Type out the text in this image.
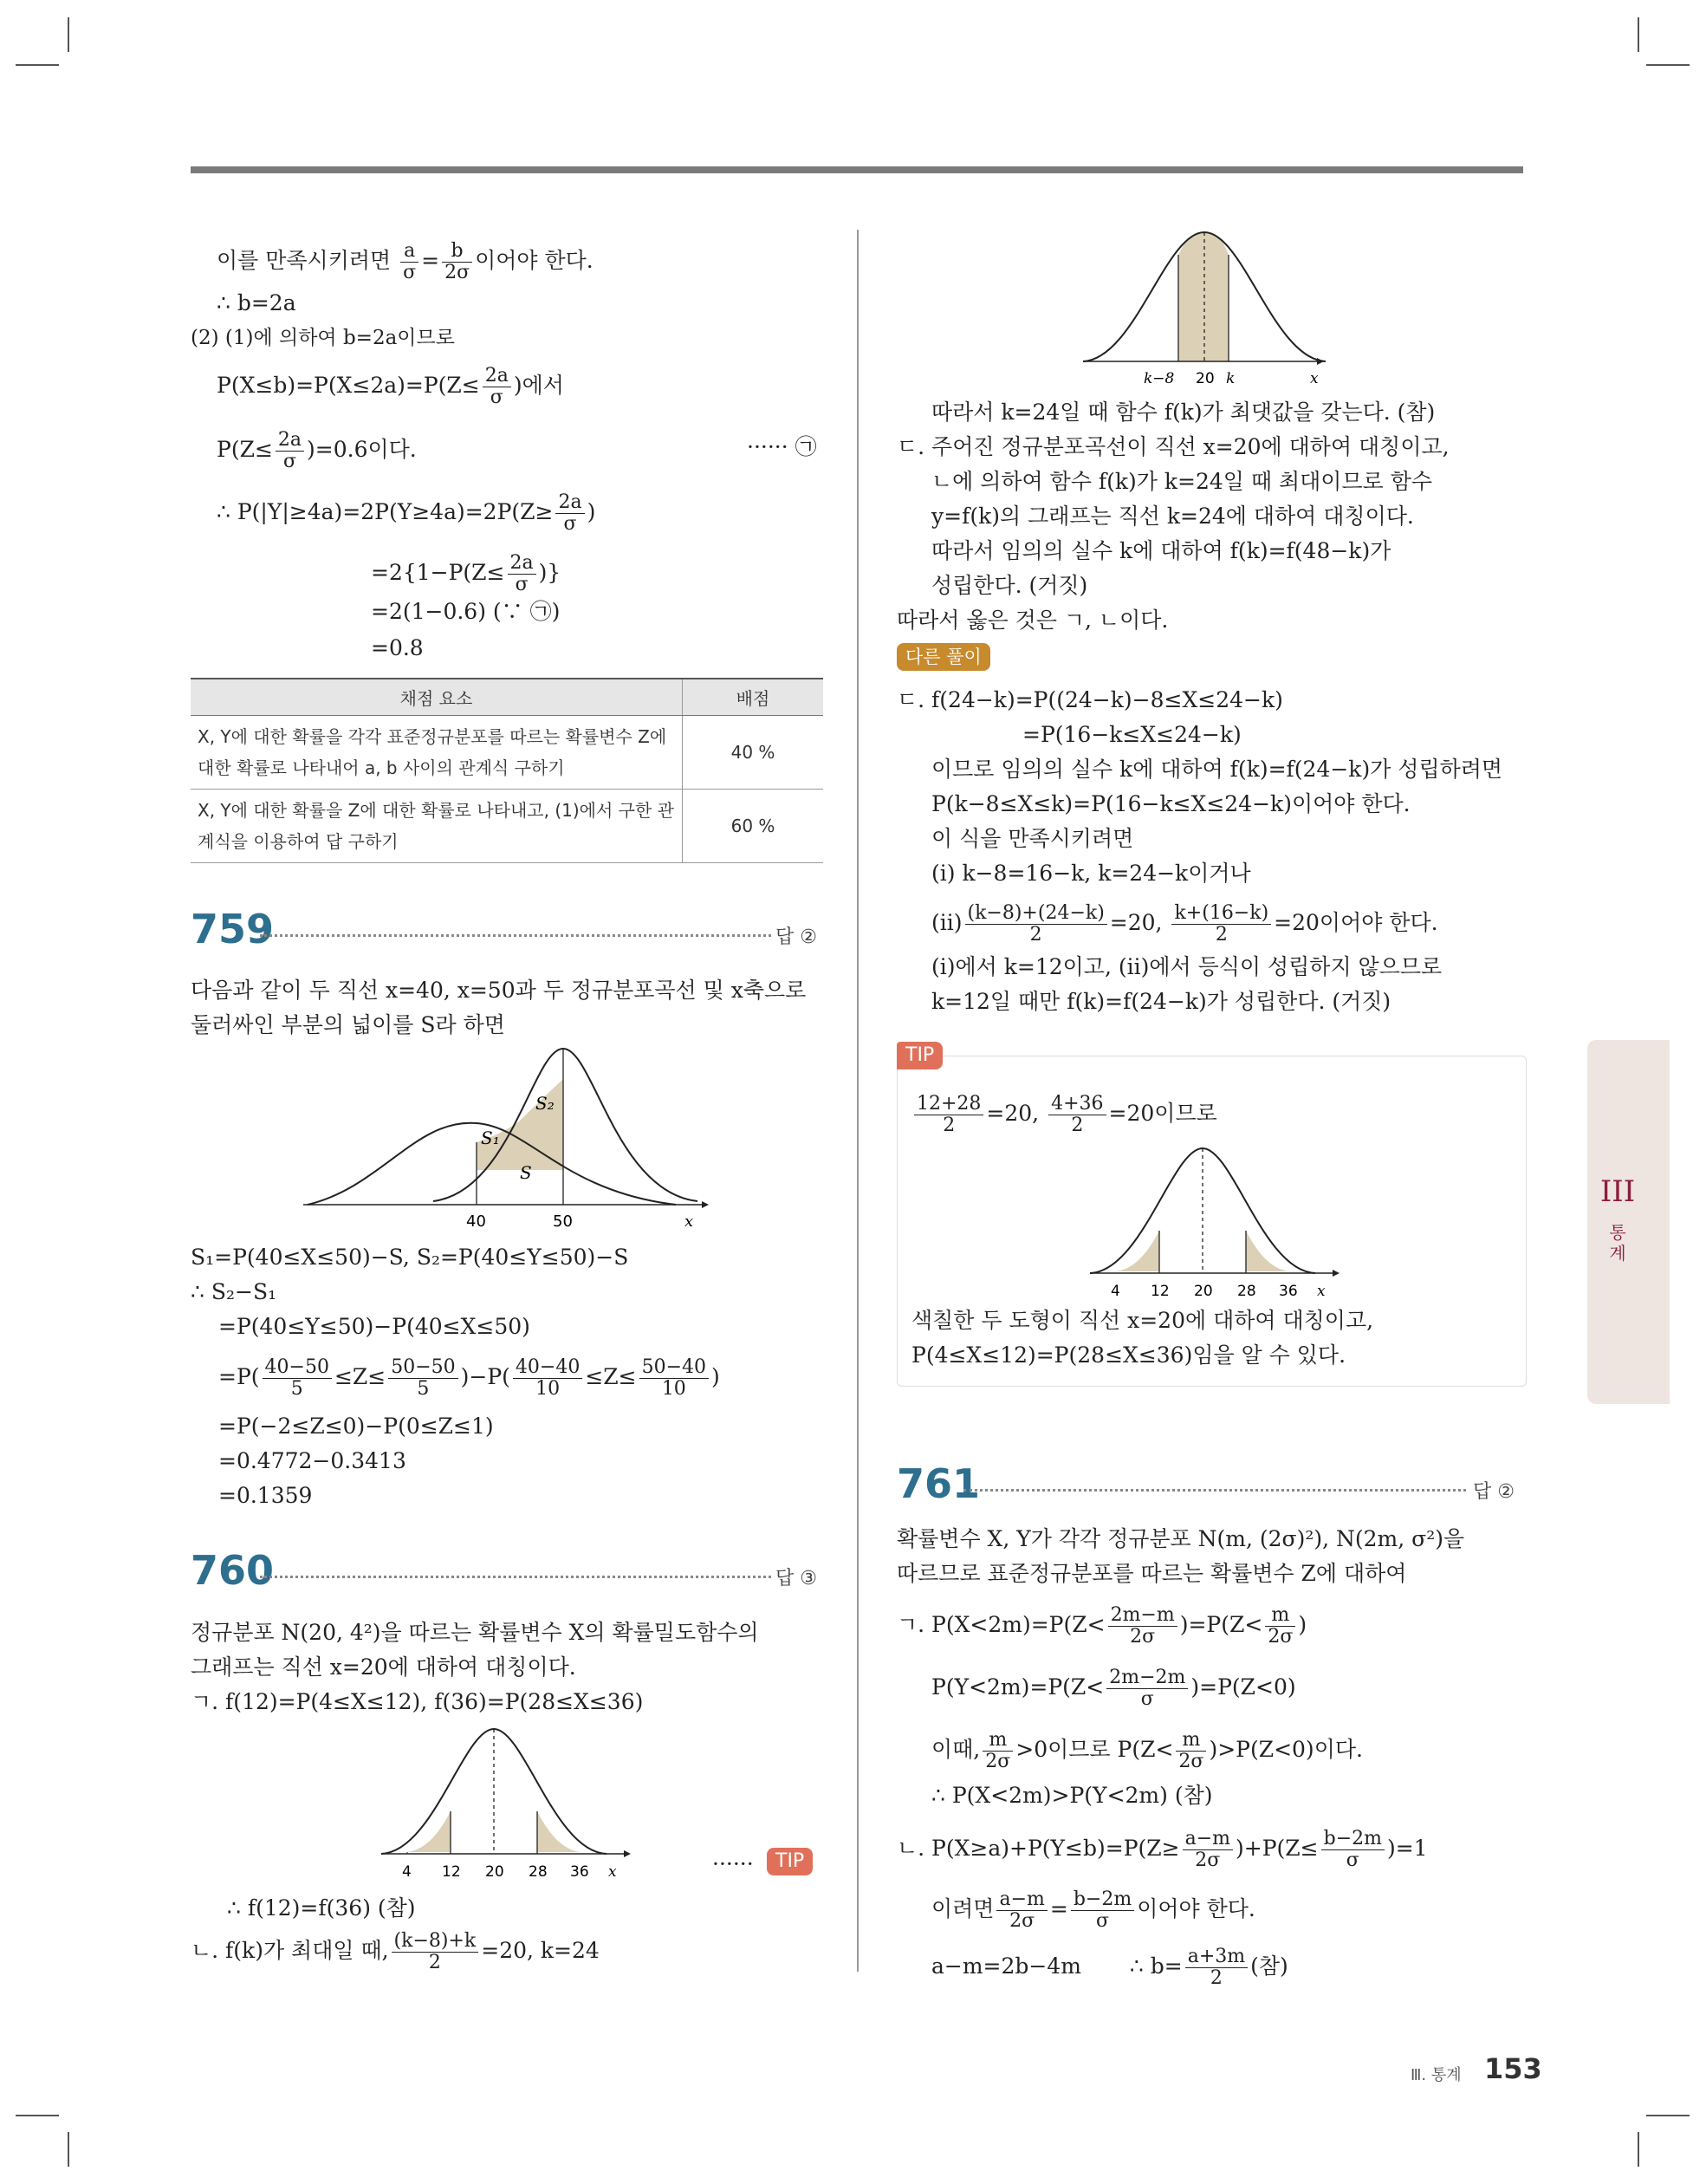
이를 만족시키려면 $\frac{a}{\sigma} = \frac{b}{2\sigma}$ 이어야 한다.
∴ b=2a
(2) (1)에 의하여 b=2a이므로
$P(X\le b)=P(X\le 2a)=P(Z\le \frac{2a}{\sigma}$ )에서
$P(Z\le \frac{2a}{\sigma} )=0.6$이다.	······ ㉠
∴ $P(|Y|\ge 4a)=2P(Y\ge 4a)=2P(Z\ge \frac{2a}{\sigma}$ )
$=2\{1-P(Z\le \frac{2a}{\sigma}$ )}
=2(1−0.6) (∵ ㉠)
=0.8
채점 요소	배점
X, Y에 대한 확률을 각각 표준정규분포를 따르는 확률변수 Z에 대한 확률로 나타내어 a, b 사이의 관계식 구하기	40 %
X, Y에 대한 확률을 Z에 대한 확률로 나타내고, (1)에서 구한 관계식을 이용하여 답 구하기	60 %
759	답 ②
다음과 같이 두 직선 x=40, x=50과 두 정규분포곡선 및 x축으로
둘러싸인 부분의 넓이를 S라 하면
S₂
S₁
S
40	50	x
S₁=P(40≤X≤50)−S, S₂=P(40≤Y≤50)−S
∴ S₂−S₁
=P(40≤Y≤50)−P(40≤X≤50)
$=P( \frac{40-50}{5} \le Z\le \frac{50-50}{5} )-P( \frac{40-40}{10} \le Z\le \frac{50-40}{10}$ )
=P(−2≤Z≤0)−P(0≤Z≤1)
=0.4772−0.3413
=0.1359
760	답 ③
정규분포 N(20, 4²)을 따르는 확률변수 X의 확률밀도함수의
그래프는 직선 x=20에 대하여 대칭이다.
ㄱ. f(12)=P(4≤X≤12), f(36)=P(28≤X≤36)
4 12 20 28 36 x	······	TIP
∴ f(12)=f(36) (참)
ㄴ. f(k)가 최대일 때, $\frac{(k-8)+k}{2} =20$, k=24
k−8 20 k	x
따라서 k=24일 때 함수 f(k)가 최댓값을 갖는다. (참)
ㄷ. 주어진 정규분포곡선이 직선 x=20에 대하여 대칭이고,
ㄴ에 의하여 함수 f(k)가 k=24일 때 최대이므로 함수
y=f(k)의 그래프는 직선 k=24에 대하여 대칭이다.
따라서 임의의 실수 k에 대하여 f(k)=f(48−k)가
성립한다. (거짓)
따라서 옳은 것은 ㄱ, ㄴ이다.
다른 풀이
ㄷ. f(24−k)=P((24−k)−8≤X≤24−k)
=P(16−k≤X≤24−k)
이므로 임의의 실수 k에 대하여 f(k)=f(24−k)가 성립하려면
P(k−8≤X≤k)=P(16−k≤X≤24−k)이어야 한다.
이 식을 만족시키려면
(i) k−8=16−k, k=24−k이거나
$(ii) \frac{(k-8)+(24-k)}{2} =20$, $\frac{k+(16-k)}{2} =20$이어야 한다.
(i)에서 k=12이고, (ii)에서 등식이 성립하지 않으므로
k=12일 때만 f(k)=f(24−k)가 성립한다. (거짓)
TIP
$\frac{12+28}{2} =20$, $\frac{4+36}{2} =20$이므로
4 12 20 28 36 x
색칠한 두 도형이 직선 x=20에 대하여 대칭이고,
P(4≤X≤12)=P(28≤X≤36)임을 알 수 있다.
761	답 ②
확률변수 X, Y가 각각 정규분포 N(m, (2σ)²), N(2m, σ²)을
따르므로 표준정규분포를 따르는 확률변수 Z에 대하여
ㄱ. $P(X<2m)=P(Z< \frac{2m-m}{2\sigma} )=P(Z< \frac{m}{2\sigma}$ )
$P(Y<2m)=P(Z< \frac{2m-2m}{\sigma} )=P(Z<0)$
이때, $\frac{m}{2\sigma} >0$이므로 $P(Z< \frac{m}{2\sigma} )>P(Z<0)$이다.
∴ P(X<2m)>P(Y<2m) (참)
ㄴ. $P(X\ge a)+P(Y\le b)=P(Z\ge \frac{a-m}{2\sigma} )+P(Z\le \frac{b-2m}{\sigma} )=1$
이려면 $\frac{a-m}{2\sigma} = \frac{b-2m}{\sigma}$ 이어야 한다.
a−m=2b−4m ∴ $b= \frac{a+3m}{2}$ (참)
III
통계
Ⅲ. 통계 153
